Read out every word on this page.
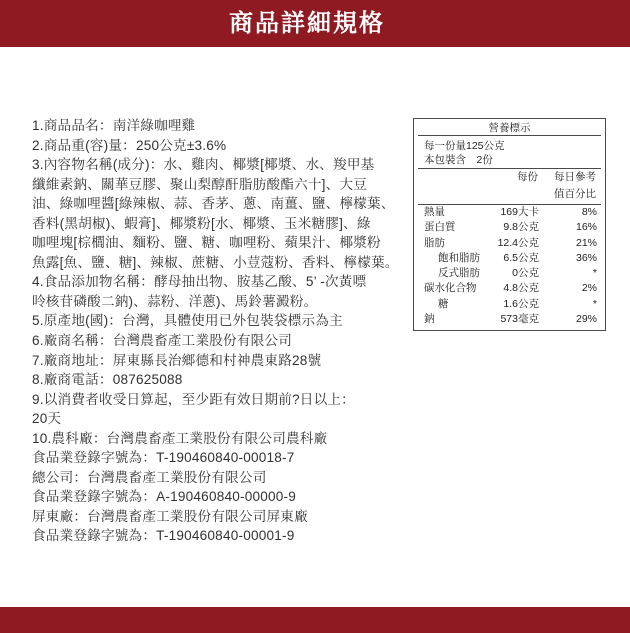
商品詳細規格
1.商品品名：南洋綠咖哩雞
2.商品重(容)量：250公克±3.6%
3.內容物名稱(成分)：水、雞肉、椰漿[椰漿、水、羧甲基
纖維素鈉、關華豆膠、聚山梨醇酐脂肪酸酯六十]、大豆
油、綠咖哩醬[綠辣椒、蒜、香茅、蔥、南薑、鹽、檸檬葉、
香料(黑胡椒)、蝦膏]、椰漿粉[水、椰漿、玉米糖膠]、綠
咖哩塊[棕櫚油、麵粉、鹽、糖、咖哩粉、蘋果汁、椰漿粉
魚露[魚、鹽、糖]、辣椒、蔗糖、小荳蔻粉、香料、檸檬葉。
4.食品添加物名稱：酵母抽出物、胺基乙酸、5’ -次黃嘌
呤核苷磷酸二鈉)、蒜粉、洋蔥)、馬鈴薯澱粉。
5.原產地(國)：台灣，具體使用已外包裝袋標示為主
6.廠商名稱：台灣農畜產工業股份有限公司
7.廠商地址：屏東縣長治鄉德和村神農東路28號
8.廠商電話：087625088
9.以消費者收受日算起，至少距有效日期前?日以上：
20天
10.農科廠：台灣農畜產工業股份有限公司農科廠
食品業登錄字號為：T-190460840-00018-7
總公司：台灣農畜產工業股份有限公司
食品業登錄字號為：A-190460840-00000-9
屏東廠：台灣農畜產工業股份有限公司屏東廠
食品業登錄字號為：T-190460840-00001-9
營養標示
每一份量125公克
本包裝含　2份
每份 每日參考
值百分比
熱量	169大卡	8%
蛋白質	9.8公克	16%
脂肪	12.4公克	21%
飽和脂肪 6.5公克	36%
反式脂肪	0公克	*
碳水化合物	4.8公克	2%
糖	1.6公克	*
鈉	573毫克	29%
